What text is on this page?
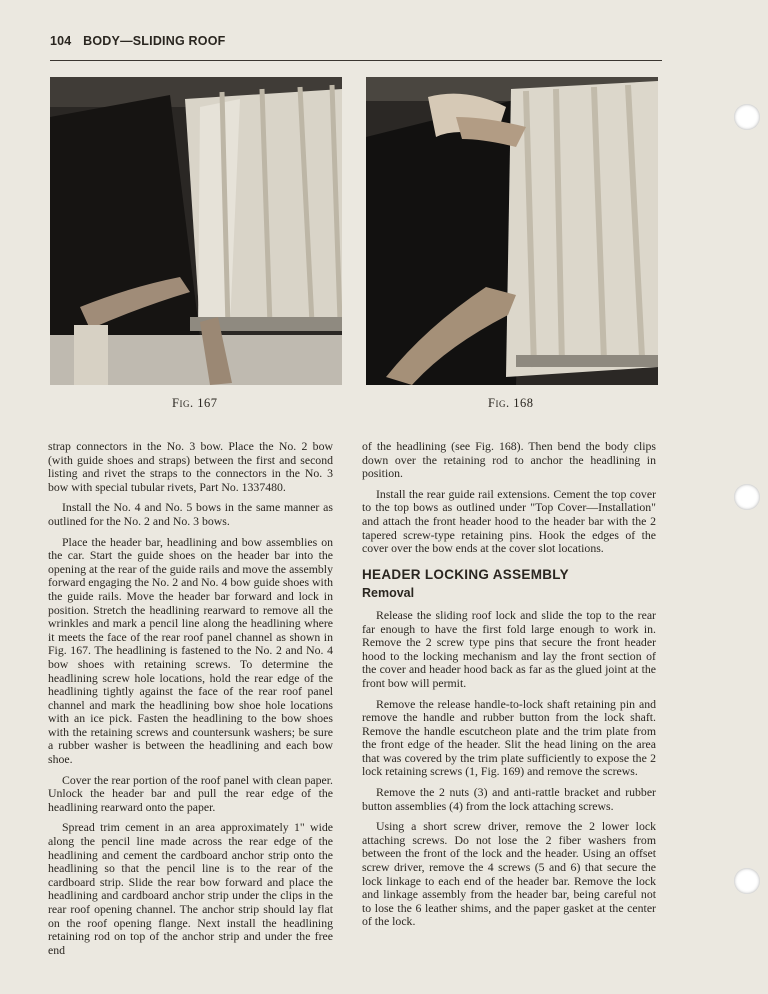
104 BODY—SLIDING ROOF
Fig. 167	Fig. 168

strap connectors in the No. 3 bow. Place the No. 2 bow (with guide shoes and straps) between the first and second listing and rivet the straps to the connectors in the No. 3 bow with special tubular rivets, Part No. 1337480.

Install the No. 4 and No. 5 bows in the same manner as outlined for the No. 2 and No. 3 bows.

Place the header bar, headlining and bow assemblies on the car. Start the guide shoes on the header bar into the opening at the rear of the guide rails and move the assembly forward engaging the No. 2 and No. 4 bow guide shoes with the guide rails. Move the header bar forward and lock in position. Stretch the headlining rearward to remove all the wrinkles and mark a pencil line along the headlining where it meets the face of the rear roof panel channel as shown in Fig. 167. The headlining is fastened to the No. 2 and No. 4 bow shoes with retaining screws. To determine the headlining screw hole locations, hold the rear edge of the headlining tightly against the face of the rear roof panel channel and mark the headlining bow shoe hole locations with an ice pick. Fasten the headlining to the bow shoes with the retaining screws and countersunk washers; be sure a rubber washer is between the headlining and each bow shoe.

Cover the rear portion of the roof panel with clean paper. Unlock the header bar and pull the rear edge of the headlining rearward onto the paper.

Spread trim cement in an area approximately 1" wide along the pencil line made across the rear edge of the headlining and cement the cardboard anchor strip onto the headlining so that the pencil line is to the rear of the cardboard strip. Slide the rear bow forward and place the headlining and cardboard anchor strip under the clips in the rear roof opening channel. The anchor strip should lay flat on the roof opening flange. Next install the headlining retaining rod on top of the anchor strip and under the free end

of the headlining (see Fig. 168). Then bend the body clips down over the retaining rod to anchor the headlining in position.

Install the rear guide rail extensions. Cement the top cover to the top bows as outlined under "Top Cover—Installation" and attach the front header hood to the header bar with the 2 tapered screw-type retaining pins. Hook the edges of the cover over the bow ends at the cover slot locations.

HEADER LOCKING ASSEMBLY
Removal

Release the sliding roof lock and slide the top to the rear far enough to have the first fold large enough to work in. Remove the 2 screw type pins that secure the front header hood to the locking mechanism and lay the front section of the cover and header hood back as far as the glued joint at the front bow will permit.

Remove the release handle-to-lock shaft retaining pin and remove the handle and rubber button from the lock shaft. Remove the handle escutcheon plate and the trim plate from the front edge of the header. Slit the head lining on the area that was covered by the trim plate sufficiently to expose the 2 lock retaining screws (1, Fig. 169) and remove the screws.

Remove the 2 nuts (3) and anti-rattle bracket and rubber button assemblies (4) from the lock attaching screws.

Using a short screw driver, remove the 2 lower lock attaching screws. Do not lose the 2 fiber washers from between the front of the lock and the header. Using an offset screw driver, remove the 4 screws (5 and 6) that secure the lock linkage to each end of the header bar. Remove the lock and linkage assembly from the header bar, being careful not to lose the 6 leather shims, and the paper gasket at the center of the lock.
